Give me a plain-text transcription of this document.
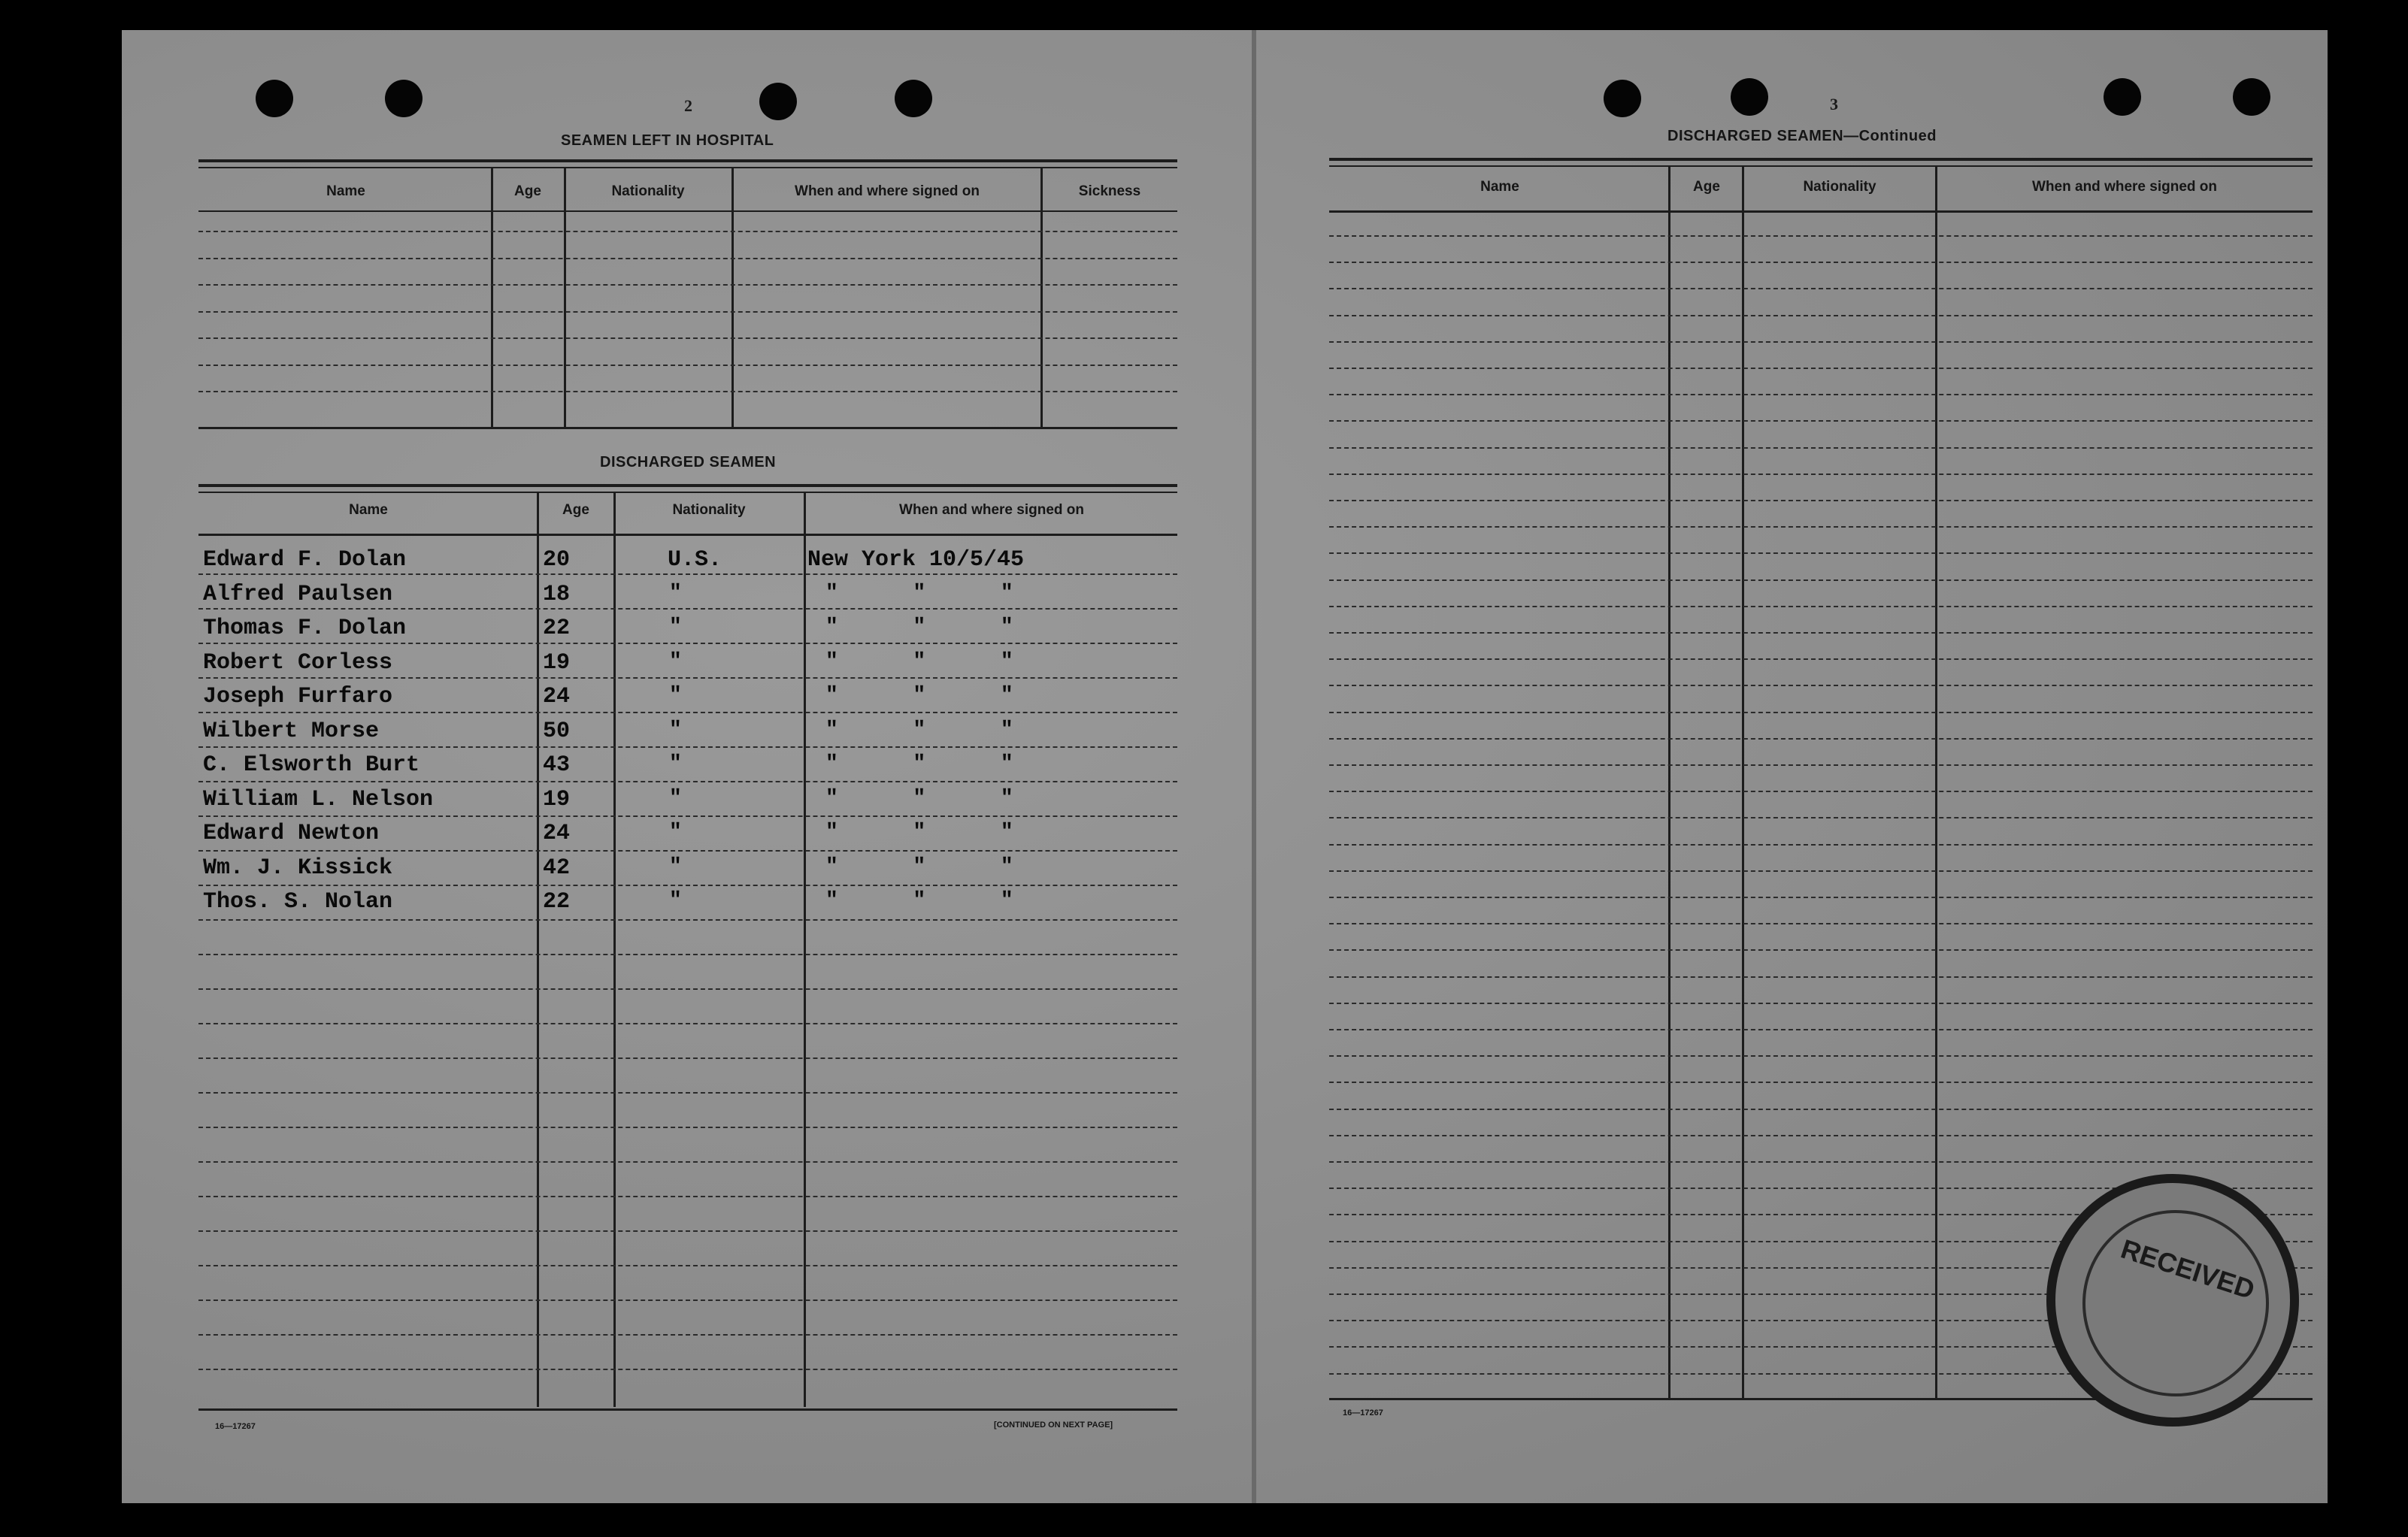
2
SEAMEN LEFT IN HOSPITAL
Name	Age	Nationality	When and where signed on	Sickness
DISCHARGED SEAMEN
Name	Age	Nationality	When and where signed on
Edward F. Dolan	20	U.S.	New York 10/5/45
Alfred Paulsen	18	"	"  "  "
Thomas F. Dolan	22	"	"  "  "
Robert Corless	19	"	"  "  "
Joseph Furfaro	24	"	"  "  "
Wilbert Morse	50	"	"  "  "
C. Elsworth Burt	43	"	"  "  "
William L. Nelson	19	"	"  "  "
Edward Newton	24	"	"  "  "
Wm. J. Kissick	42	"	"  "  "
Thos. S. Nolan	22	"	"  "  "
16—17267	[CONTINUED ON NEXT PAGE]
3
DISCHARGED SEAMEN—Continued
Name	Age	Nationality	When and where signed on
16—17267
RECEIVED
